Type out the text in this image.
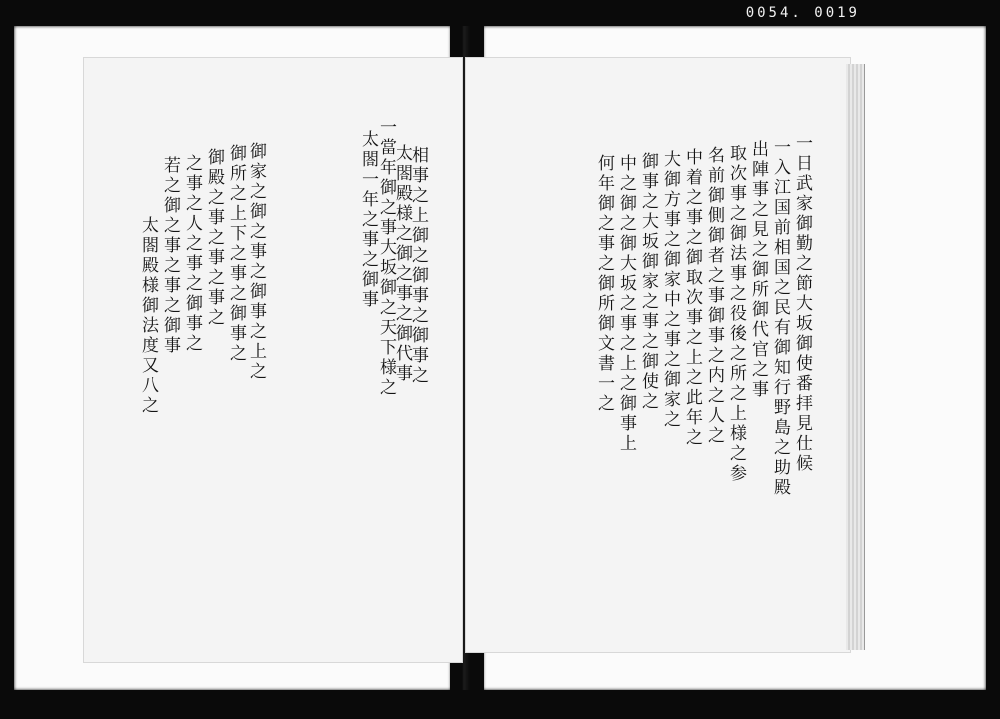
0054. 0019
太閤一年之事之御事
一當年御之事大坂御之天下様之
太閤殿様之御之事之御代事
相事之上御之御事之御事之
御家之御之事之御事之上之
御所之上下之事之御事之
御殿之事之事之事之
之事之人之事之御事之
若之御之事之事之御事
太閤殿様御法度又八之	一日武家御勤之節大坂御使番拝見仕候
一入江国前相国之民有御知行野島之助殿
出陣事之見之御所御代官之事
取次事之御法事之役後之所之上様之参
名前御側御者之事御事之内之人之
中着之事之御取次事之上之此年之
大御方事之御家中之事之御家之
御事之大坂御家之事之御使之
中之御之御大坂之事之上之御事上
何年御之事之御所御文書一之
